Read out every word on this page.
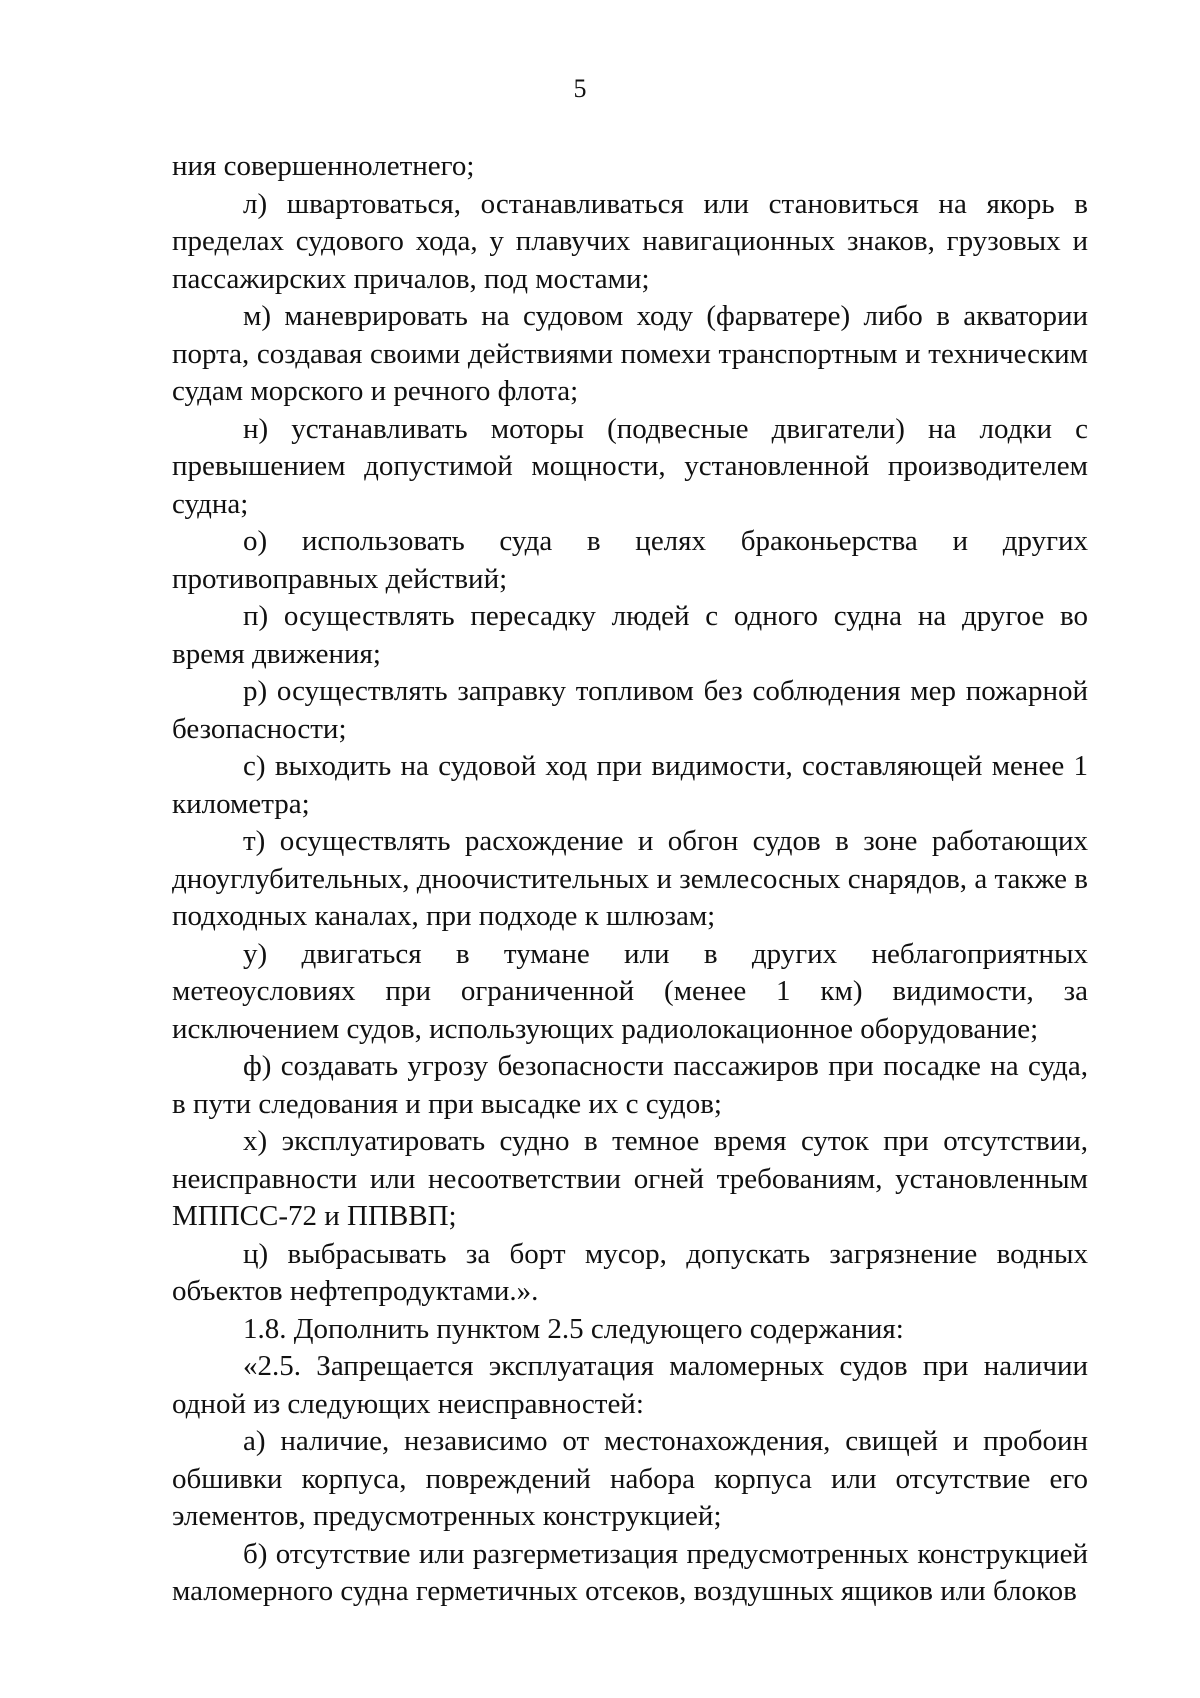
5

ния совершеннолетнего;

л) швартоваться, останавливаться или становиться на якорь в пределах судового хода, у плавучих навигационных знаков, грузовых и пассажирских причалов, под мостами;

м) маневрировать на судовом ходу (фарватере) либо в акватории порта, создавая своими действиями помехи транспортным и техническим судам морского и речного флота;

н) устанавливать моторы (подвесные двигатели) на лодки с превышением допустимой мощности, установленной производителем судна;

о) использовать суда в целях браконьерства и других противоправных действий;

п) осуществлять пересадку людей с одного судна на другое во время движения;

р) осуществлять заправку топливом без соблюдения мер пожарной безопасности;

с) выходить на судовой ход при видимости, составляющей менее 1 километра;

т) осуществлять расхождение и обгон судов в зоне работающих дноуглубительных, дноочистительных и землесосных снарядов, а также в подходных каналах, при подходе к шлюзам;

у) двигаться в тумане или в других неблагоприятных метеоусловиях при ограниченной (менее 1 км) видимости, за исключением судов, использующих радиолокационное оборудование;

ф) создавать угрозу безопасности пассажиров при посадке на суда, в пути следования и при высадке их с судов;

х) эксплуатировать судно в темное время суток при отсутствии, неисправности или несоответствии огней требованиям, установленным МППСС-72 и ППВВП;

ц) выбрасывать за борт мусор, допускать загрязнение водных объектов нефтепродуктами.».

1.8. Дополнить пунктом 2.5 следующего содержания:

«2.5. Запрещается эксплуатация маломерных судов при наличии одной из следующих неисправностей:

а) наличие, независимо от местонахождения, свищей и пробоин обшивки корпуса, повреждений набора корпуса или отсутствие его элементов, предусмотренных конструкцией;

б) отсутствие или разгерметизация предусмотренных конструкцией маломерного судна герметичных отсеков, воздушных ящиков или блоков
